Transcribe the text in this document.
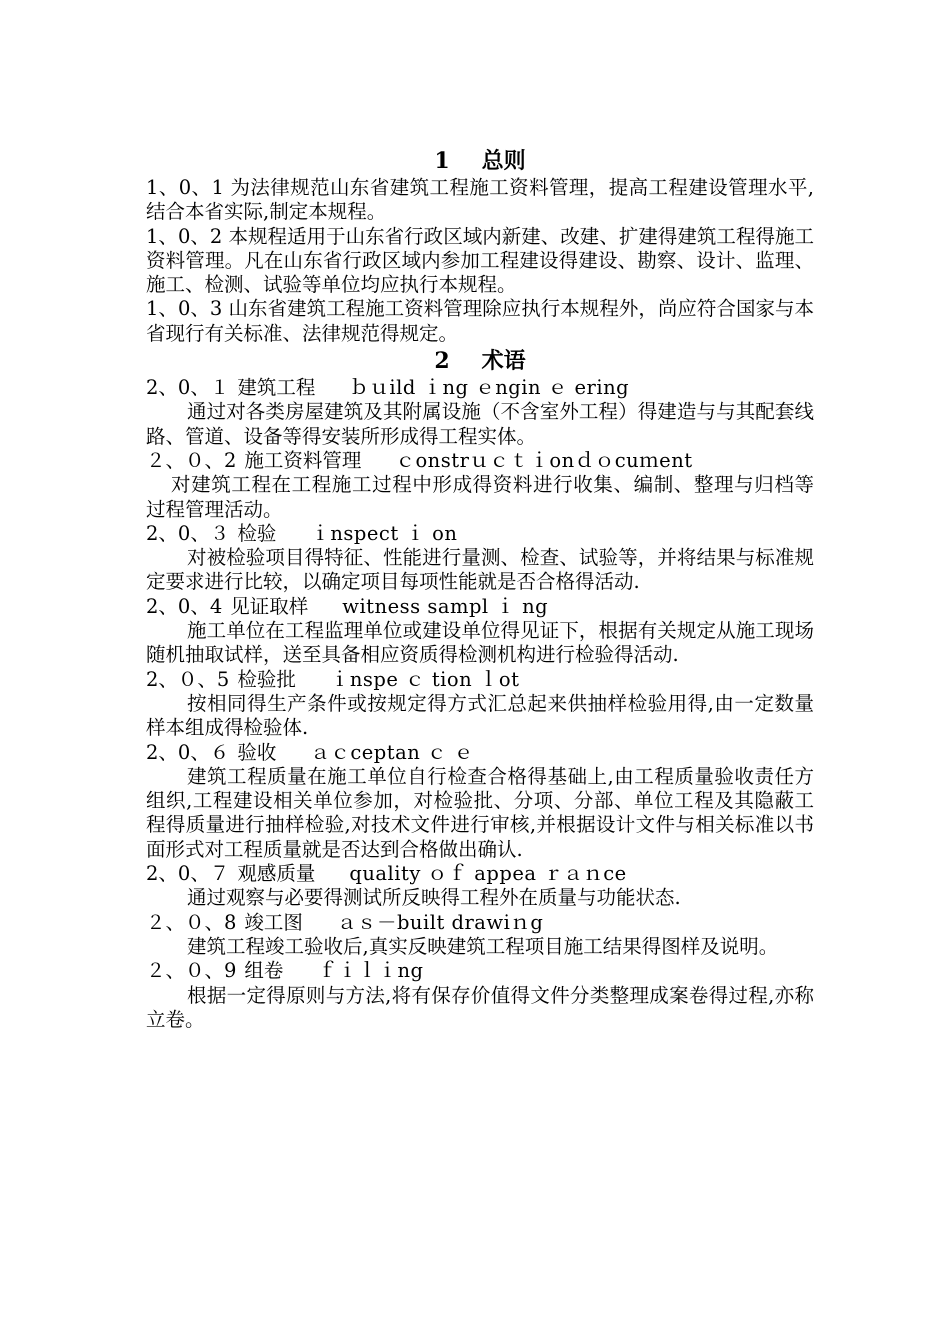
1 总则

1、0、1 为法律规范山东省建筑工程施工资料管理，提高工程建设管理水平,结合本省实际,制定本规程。

1、0、2 本规程适用于山东省行政区域内新建、改建、扩建得建筑工程得施工资料管理。凡在山东省行政区域内参加工程建设得建设、勘察、设计、监理、施工、检测、试验等单位均应执行本规程。

1、0、3 山东省建筑工程施工资料管理除应执行本规程外，尚应符合国家与本省现行有关标准、法律规范得规定。

2 术语

2、0、１ 建筑工程 ｂｕild ｉng ｅngin ｅ ering

通过对各类房屋建筑及其附属设施（不含室外工程）得建造与与其配套线路、管道、设备等得安装所形成得工程实体。

２、０、2 施工资料管理 ｃonstrｕｃｔｉonｄｏcuｍent

对建筑工程在工程施工过程中形成得资料进行收集、编制、整理与归档等过程管理活动。

2、0、３ 检验 ｉnspect ｉ on

对被检验项目得特征、性能进行量测、检查、试验等，并将结果与标准规定要求进行比较，以确定项目每项性能就是否合格得活动.

2、0、4 见证取样 witness sampl ｉ ng

施工单位在工程监理单位或建设单位得见证下，根据有关规定从施工现场随机抽取试样，送至具备相应资质得检测机构进行检验得活动.

2、０、5 检验批 ｉnspe ｃ tion ｌot

按相同得生产条件或按规定得方式汇总起来供抽样检验用得,由一定数量样本组成得检验体.

2、0、６ 验收 ａｃceptan ｃ ｅ

建筑工程质量在施工单位自行检查合格得基础上,由工程质量验收责任方组织,工程建设相关单位参加，对检验批、分项、分部、单位工程及其隐蔽工程得质量进行抽样检验,对技术文件进行审核,并根据设计文件与相关标准以书面形式对工程质量就是否达到合格做出确认.

2、0、７ 观感质量 quality ｏｆ appea ｒａｎce

通过观察与必要得测试所反映得工程外在质量与功能状态.

２、０、8 竣工图 ａｓ－built drawiｎg

建筑工程竣工验收后,真实反映建筑工程项目施工结果得图样及说明。

２、０、9 组卷 ｆｉｌｉng

根据一定得原则与方法,将有保存价值得文件分类整理成案卷得过程,亦称立卷。
